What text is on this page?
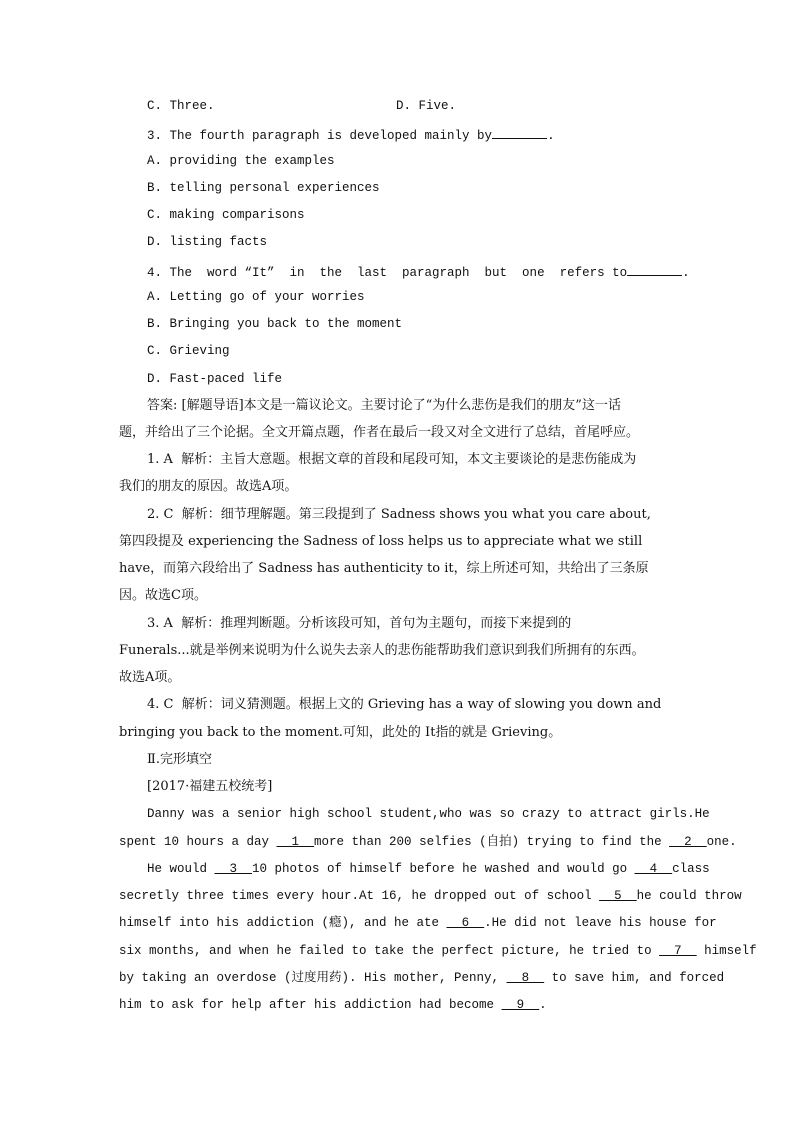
C. Three.	D. Five.
3. The fourth paragraph is developed mainly by	.
A. providing the examples
B. telling personal experiences
C. making comparisons
D. listing facts
4. The  word “It”  in  the  last  paragraph  but  one  refers to	.
A. Letting go of your worries
B. Bringing you back to the moment
C. Grieving
D. Fast-paced life
答案: [解题导语]本文是一篇议论文。主要讨论了“为什么悲伤是我们的朋友”这一话
题，并给出了三个论据。全文开篇点题，作者在最后一段又对全文进行了总结，首尾呼应。
1. A  解析：主旨大意题。根据文章的首段和尾段可知，本文主要谈论的是悲伤能成为
我们的朋友的原因。故选A项。
2. C  解析：细节理解题。第三段提到了 Sadness shows you what you care about,
第四段提及 experiencing the Sadness of loss helps us to appreciate what we still
have，而第六段给出了 Sadness has authenticity to it，综上所述可知，共给出了三条原
因。故选C项。
3. A  解析：推理判断题。分析该段可知，首句为主题句，而接下来提到的
Funerals...就是举例来说明为什么说失去亲人的悲伤能帮助我们意识到我们所拥有的东西。
故选A项。
4. C  解析：词义猜测题。根据上文的 Grieving has a way of slowing you down and
bringing you back to the moment.可知，此处的 It指的就是 Grieving。
Ⅱ.完形填空
[2017·福建五校统考]
Danny was a senior high school student,who was so crazy to attract girls.He
spent 10 hours a day __1__more than 200 selfies (自拍) trying to find the __2__one.
He would __3__10 photos of himself before he washed and would go __4__class
secretly three times every hour.At 16, he dropped out of school __5__he could throw
himself into his addiction (瘾), and he ate __6__.He did not leave his house for
six months, and when he failed to take the perfect picture, he tried to __7__ himself
by taking an overdose (过度用药). His mother, Penny, __8__ to save him, and forced
him to ask for help after his addiction had become __9__.
